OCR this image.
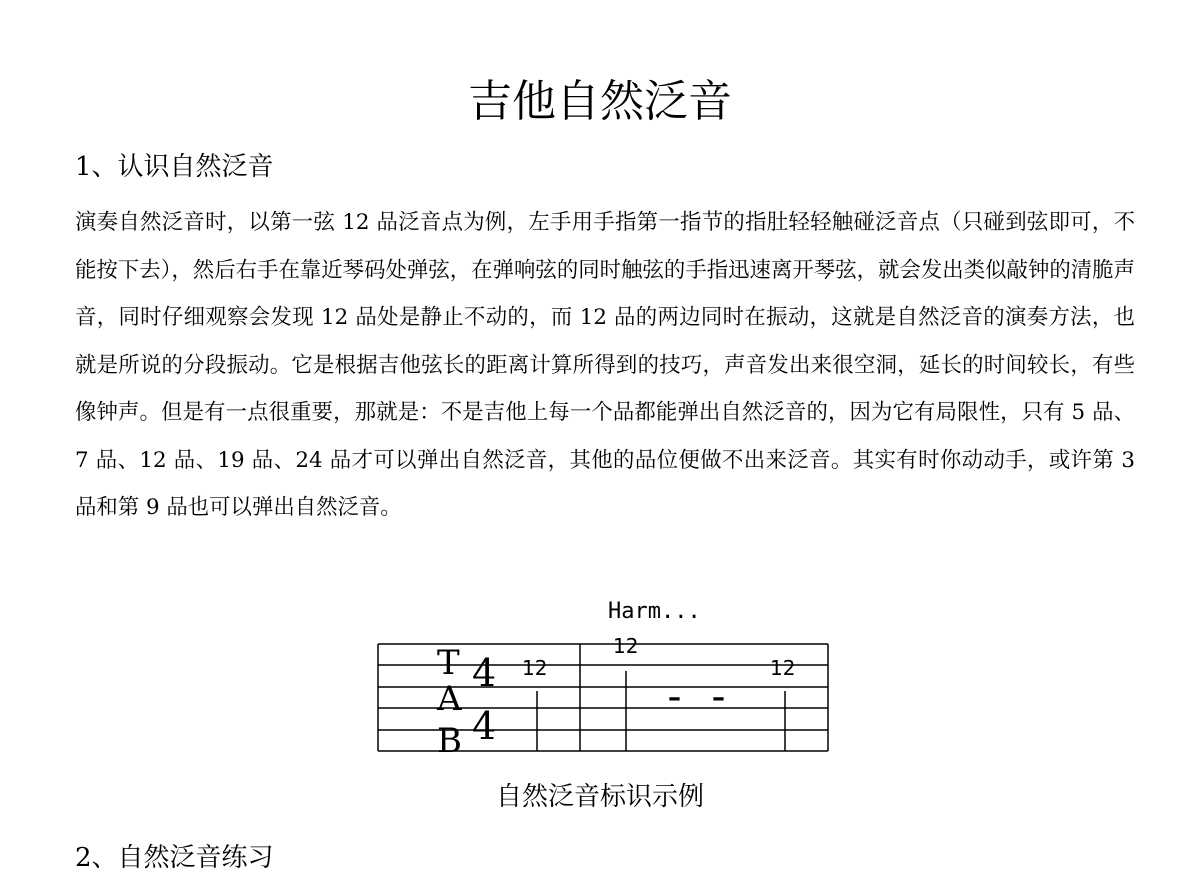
吉他自然泛音
1、认识自然泛音
演奏自然泛音时，以第一弦 12 品泛音点为例，左手用手指第一指节的指肚轻轻触碰泛音点（只碰到弦即可，不能按下去），然后右手在靠近琴码处弹弦，在弹响弦的同时触弦的手指迅速离开琴弦，就会发出类似敲钟的清脆声音，同时仔细观察会发现 12 品处是静止不动的，而 12 品的两边同时在振动，这就是自然泛音的演奏方法，也就是所说的分段振动。它是根据吉他弦长的距离计算所得到的技巧，声音发出来很空洞，延长的时间较长，有些像钟声。但是有一点很重要，那就是：不是吉他上每一个品都能弹出自然泛音的，因为它有局限性，只有 5 品、7 品、12 品、19 品、24 品才可以弹出自然泛音，其他的品位便做不出来泛音。其实有时你动动手，或许第 3 品和第 9 品也可以弹出自然泛音。
Harm...
T
A
B
4
4
12
12
12
– –
自然泛音标识示例
2、自然泛音练习
